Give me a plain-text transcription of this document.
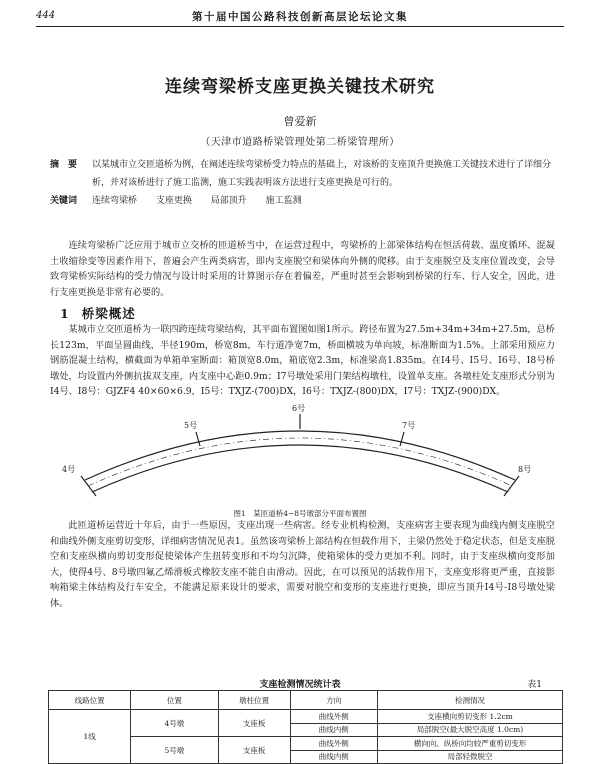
444	第十届中国公路科技创新高层论坛论文集
连续弯梁桥支座更换关键技术研究
曾爱新
（天津市道路桥梁管理处第二桥梁管理所）
摘　要 以某城市立交匝道桥为例，在阐述连续弯梁桥受力特点的基础上，对该桥的支座顶升更换施工关键技术进行了详细分析，并对该桥进行了施工监测，施工实践表明该方法进行支座更换是可行的。
关键词 连续弯梁桥 支座更换 局部顶升 施工监测
连续弯梁桥广泛应用于城市立交桥的匝道桥当中，在运营过程中，弯梁桥的上部梁体结构在恒活荷载、温度循环、混凝土收缩徐变等因素作用下，普遍会产生两类病害，即内支座脱空和梁体向外侧的爬移。由于支座脱空及支座位置改变，会导致弯梁桥实际结构的受力情况与设计时采用的计算图示存在着偏差，严重时甚至会影响到桥梁的行车、行人安全，因此，进行支座更换是非常有必要的。
1 桥梁概述

某城市立交匝道桥为一联四跨连续弯梁结构，其平面布置图如图1所示。跨径布置为27.5m+34m+34m+27.5m，总桥长123m，平面呈圆曲线，半径190m，桥宽8m，车行道净宽7m，桥面横坡为单向坡，标准断面为1.5%。上部采用预应力钢筋混凝土结构，横截面为单箱单室断面：箱顶宽8.0m，箱底宽2.3m，标准梁高1.835m。在Ⅰ4号、Ⅰ5号、Ⅰ6号、Ⅰ8号桥墩处，均设置内外侧抗拔双支座，内支座中心距0.9m；Ⅰ7号墩处采用门架结构墩柱，设置单支座。各墩柱处支座形式分别为Ⅰ4号、Ⅰ8号：GJZF4 40×60×6.9，Ⅰ5号：TXJZ-(700)DX，Ⅰ6号：TXJZ-(800)DX，Ⅰ7号：TXJZ-(900)DX。

4号
5号
6号
7号
8号
图1　某匝道桥4~8号墩部分平面布置图

此匝道桥运营近十年后，由于一些原因，支座出现一些病害。经专业机构检测，支座病害主要表现为曲线内侧支座脱空和曲线外侧支座剪切变形，详细病害情况见表1。虽然该弯梁桥上部结构在恒载作用下，主梁仍然处于稳定状态，但是支座脱空和支座纵横向剪切变形促使梁体产生扭转变形和不均匀沉降，使箱梁体的受力更加不利。同时，由于支座纵横向变形加大，使得4号、8号墩四氟乙烯滑板式橡胶支座不能自由滑动。因此，在可以预见的活载作用下，支座变形将更严重，直接影响箱梁主体结构及行车安全，不能满足原来设计的要求，需要对脱空和变形的支座进行更换，即应当顶升Ⅰ4号-Ⅰ8号墩处梁体。

支座检测情况统计表	表1
线路位置	位置	墩柱位置	方向	检测情况
1线	4号墩	支座板	曲线外侧	支座横向剪切变形 1.2cm
			曲线内侧	局部脱空(最大脱空高度 1.0cm)
	5号墩	支座板	曲线外侧	横向向、纵桥向均较严重剪切变形
			曲线内侧	局部轻微脱空
